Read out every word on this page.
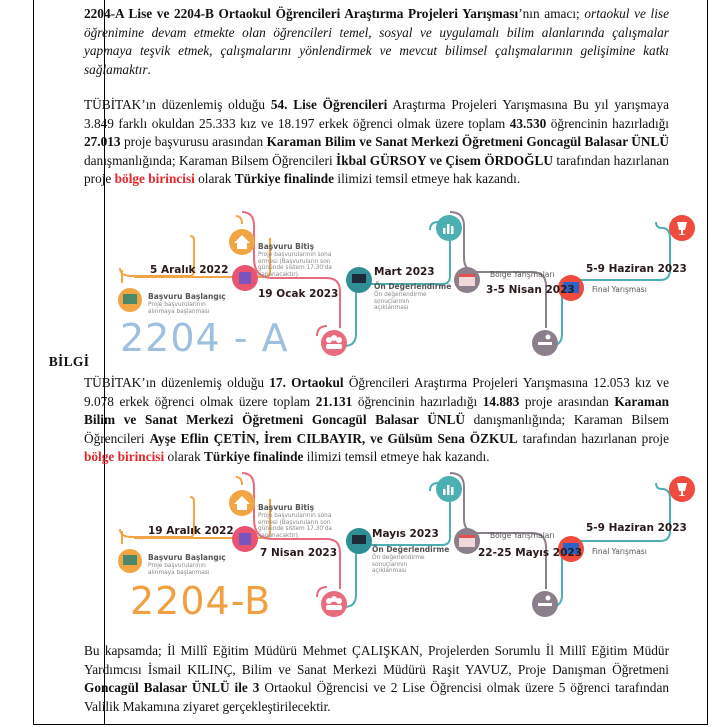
BİLGİ

2204-A Lise ve 2204-B Ortaokul Öğrencileri Araştırma Projeleri Yarışması’nın amacı; ortaokul ve lise öğrenimine devam etmekte olan öğrencileri temel, sosyal ve uygulamalı bilim alanlarında çalışmalar yapmaya teşvik etmek, çalışmalarını yönlendirmek ve mevcut bilimsel çalışmalarının gelişimine katkı sağlamaktır.

TÜBİTAK’ın düzenlemiş olduğu 54. Lise Öğrencileri Araştırma Projeleri Yarışmasına Bu yıl yarışmaya 3.849 farklı okuldan 25.333 kız ve 18.197 erkek öğrenci olmak üzere toplam 43.530 öğrencinin hazırladığı 27.013 proje başvurusu arasından Karaman Bilim ve Sanat Merkezi Öğretmeni Goncagül Balasar ÜNLÜ danışmanlığında; Karaman Bilsem Öğrencileri İkbal GÜRSOY ve Çisem ÖRDOĞLU tarafından hazırlanan proje bölge birincisi olarak Türkiye finalinde ilimizi temsil etmeye hak kazandı.

5 Aralık 2022
Başvuru Başlangıç
Proje başvurularının alınmaya başlanması
Başvuru Bitiş
Proje başvurularının sona ermesi (Başvuruların son gününde sistem 17.30'da kapanacaktır).
19 Ocak 2023
Mart 2023
Ön Değerlendirme
Ön değerlendirme sonuçlarının açıklanması
Bölge Yarışmaları
3-5 Nisan 2023
5-9 Haziran 2023
Final Yarışması
2204 - A

TÜBİTAK’ın düzenlemiş olduğu 17. Ortaokul Öğrencileri Araştırma Projeleri Yarışmasına 12.053 kız ve 9.078 erkek öğrenci olmak üzere toplam 21.131 öğrencinin hazırladığı 14.883 proje arasından Karaman Bilim ve Sanat Merkezi Öğretmeni Goncagül Balasar ÜNLÜ danışmanlığında; Karaman Bilsem Öğrencileri Ayşe Eflin ÇETİN, İrem CILBAYIR, ve Gülsüm Sena ÖZKUL tarafından hazırlanan proje bölge birincisi olarak Türkiye finalinde ilimizi temsil etmeye hak kazandı.

19 Aralık 2022
Başvuru Başlangıç
Proje başvurularının alınmaya başlanması
Başvuru Bitiş
Proje başvurularının sona ermesi (Başvuruların son gününde sistem 17.30'da kapanacaktır).
7 Nisan 2023
Mayıs 2023
Ön Değerlendirme
Ön değerlendirme sonuçlarının açıklanması
Bölge Yarışmaları
22-25 Mayıs 2023
5-9 Haziran 2023
Final Yarışması
2204-B

Bu kapsamda; İl Millî Eğitim Müdürü Mehmet ÇALIŞKAN, Projelerden Sorumlu İl Millî Eğitim Müdür Yardımcısı İsmail KILINÇ, Bilim ve Sanat Merkezi Müdürü Raşit YAVUZ, Proje Danışman Öğretmeni Goncagül Balasar ÜNLÜ ile 3 Ortaokul Öğrencisi ve 2 Lise Öğrencisi olmak üzere 5 öğrenci tarafından Valilik Makamına ziyaret gerçekleştirilecektir.
